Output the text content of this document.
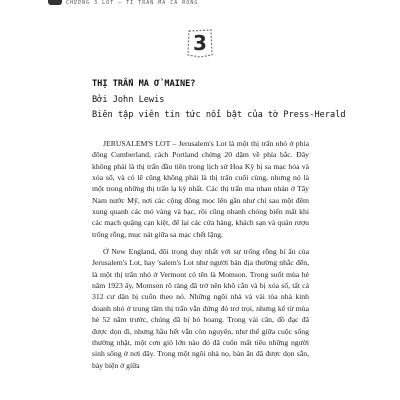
CHƯƠNG 3 LOT – TỈ TRẤN MA CÀ RỒNG
3
THỊ TRẤN MA Ở MAINE?
Bởi John Lewis
Biên tập viên tin tức nổi bật của tờ Press-Herald

JERUSALEM'S LOT – Jerusalem's Lot là một thị trấn nhỏ ở phía đông Cumberland, cách Portland chừng 20 dặm về phía bắc. Đây không phải là thị trấn đầu tiên trong lịch sử Hoa Kỳ bị sa mạc hóa và xóa sổ, và có lẽ cũng không phải là thị trấn cuối cùng, nhưng nó là một trong những thị trấn lạ kỳ nhất. Các thị trấn ma nhan nhản ở Tây Nam nước Mỹ, nơi các cộng đồng mọc lên gần như chỉ sau một đêm xung quanh các mỏ vàng và bạc, rồi cũng nhanh chóng biến mất khi các mạch quặng cạn kiệt, để lại các cửa hàng, khách sạn và quán rượu trống rỗng, mục nát giữa sa mạc chết lặng.

Ở New England, đôi trọng duy nhất với sự trống rỗng bí ẩn của Jerusalem's Lot, hay 'salem's Lot như người bản địa thường nhắc đến, là một thị trấn nhỏ ở Vermont có tên là Momson. Trong suốt mùa hè năm 1923 ấy, Momson rõ ràng đã trở nên khô cằn và bị xóa sổ, tất cả 312 cư dân bị cuốn theo nó. Những ngôi nhà và vài tòa nhà kinh doanh nhỏ ở trung tâm thị trấn vẫn đứng đó trơ trọi, nhưng kể từ mùa hè 52 năm trước, chúng đã bị bỏ hoang. Trong vài căn, đồ đạc đã được dọn đi, nhưng hầu hết vẫn còn nguyên, như thể giữa cuộc sống thường nhật, một cơn gió lớn nào đó đã cuốn mất tiêu những người sinh sống ở nơi đây. Trong một ngôi nhà nọ, bàn ăn đã được dọn sẵn, bày biện ở giữa
